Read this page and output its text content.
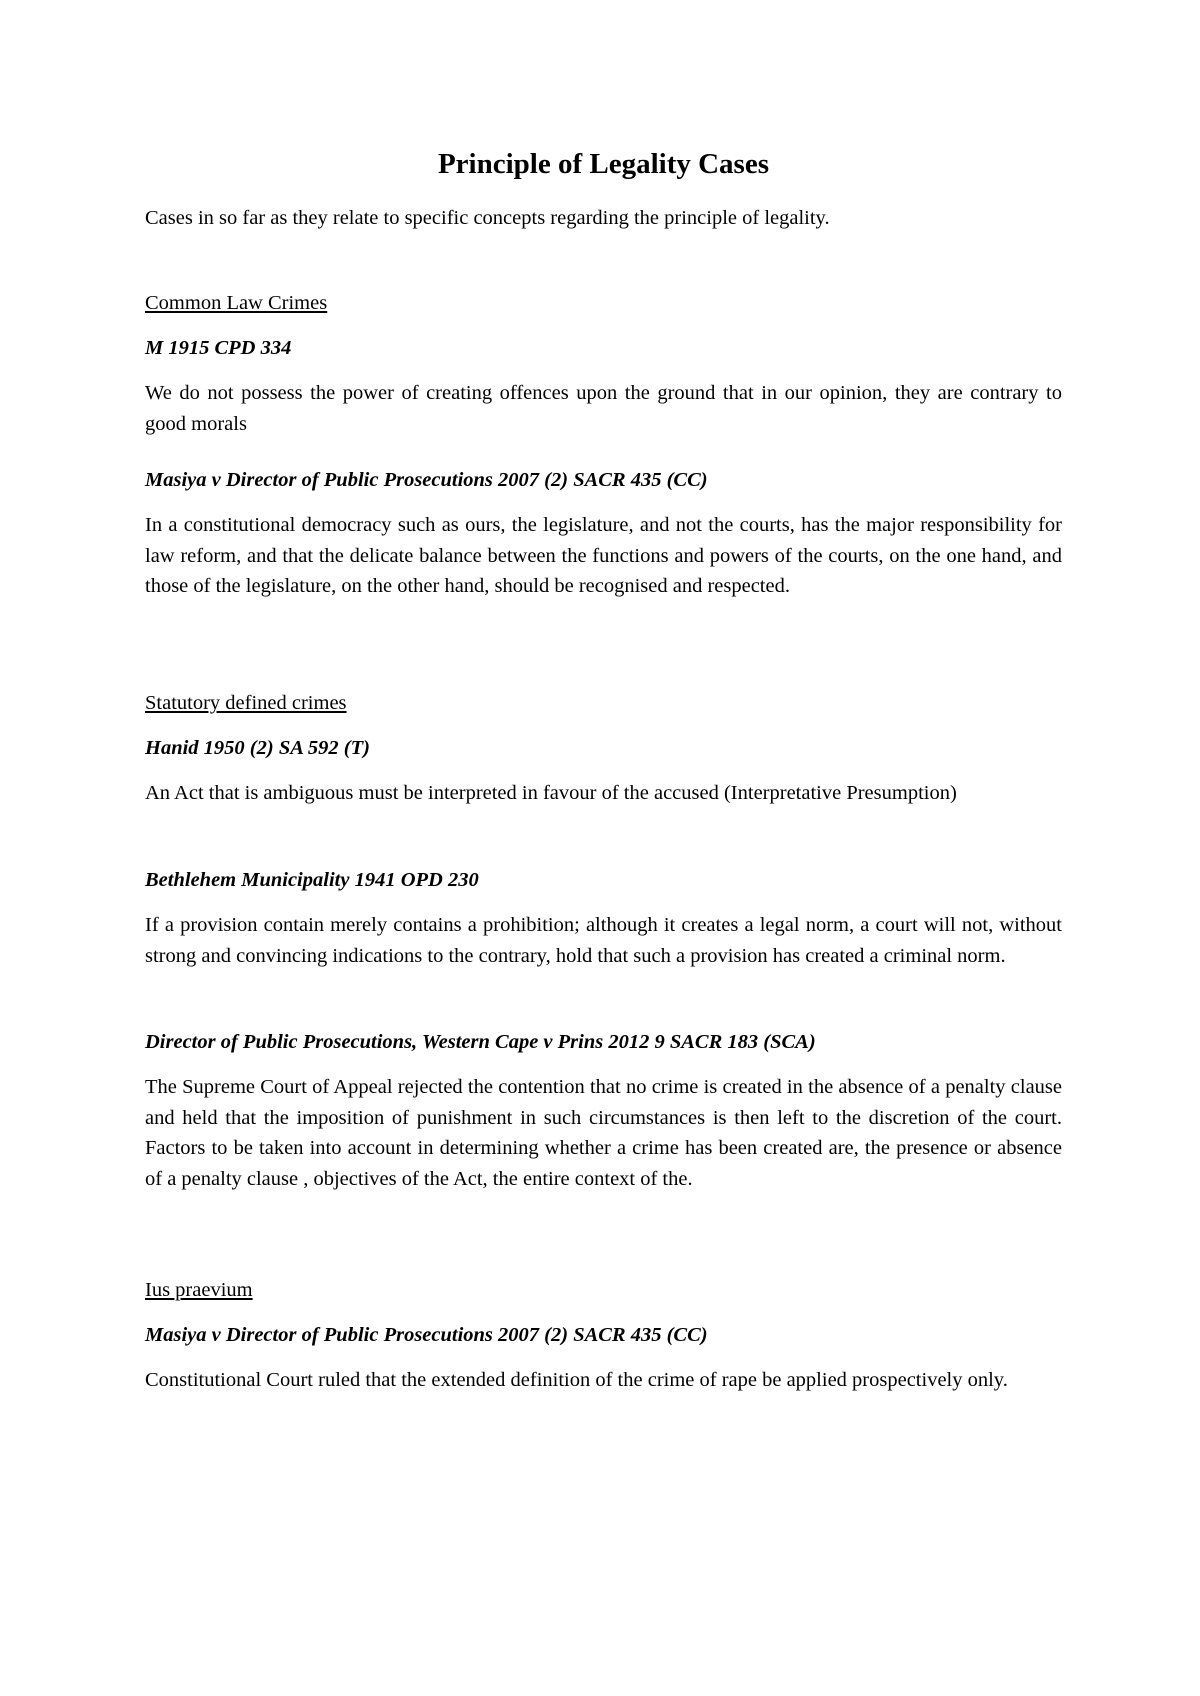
Principle of Legality Cases

Cases in so far as they relate to specific concepts regarding the principle of legality.

Common Law Crimes

M 1915 CPD 334

We do not possess the power of creating offences upon the ground that in our opinion, they are contrary to good morals

Masiya v Director of Public Prosecutions 2007 (2) SACR 435 (CC)

In a constitutional democracy such as ours, the legislature, and not the courts, has the major responsibility for law reform, and that the delicate balance between the functions and powers of the courts, on the one hand, and those of the legislature, on the other hand, should be recognised and respected.

Statutory defined crimes

Hanid 1950 (2) SA 592 (T)

An Act that is ambiguous must be interpreted in favour of the accused (Interpretative Presumption)

Bethlehem Municipality 1941 OPD 230

If a provision contain merely contains a prohibition; although it creates a legal norm, a court will not, without strong and convincing indications to the contrary, hold that such a provision has created a criminal norm.

Director of Public Prosecutions, Western Cape v Prins 2012 9 SACR 183 (SCA)

The Supreme Court of Appeal rejected the contention that no crime is created in the absence of a penalty clause and held that the imposition of punishment in such circumstances is then left to the discretion of the court. Factors to be taken into account in determining whether a crime has been created are, the presence or absence of a penalty clause , objectives of the Act, the entire context of the.

Ius praevium

Masiya v Director of Public Prosecutions 2007 (2) SACR 435 (CC)

Constitutional Court ruled that the extended definition of the crime of rape be applied prospectively only.
